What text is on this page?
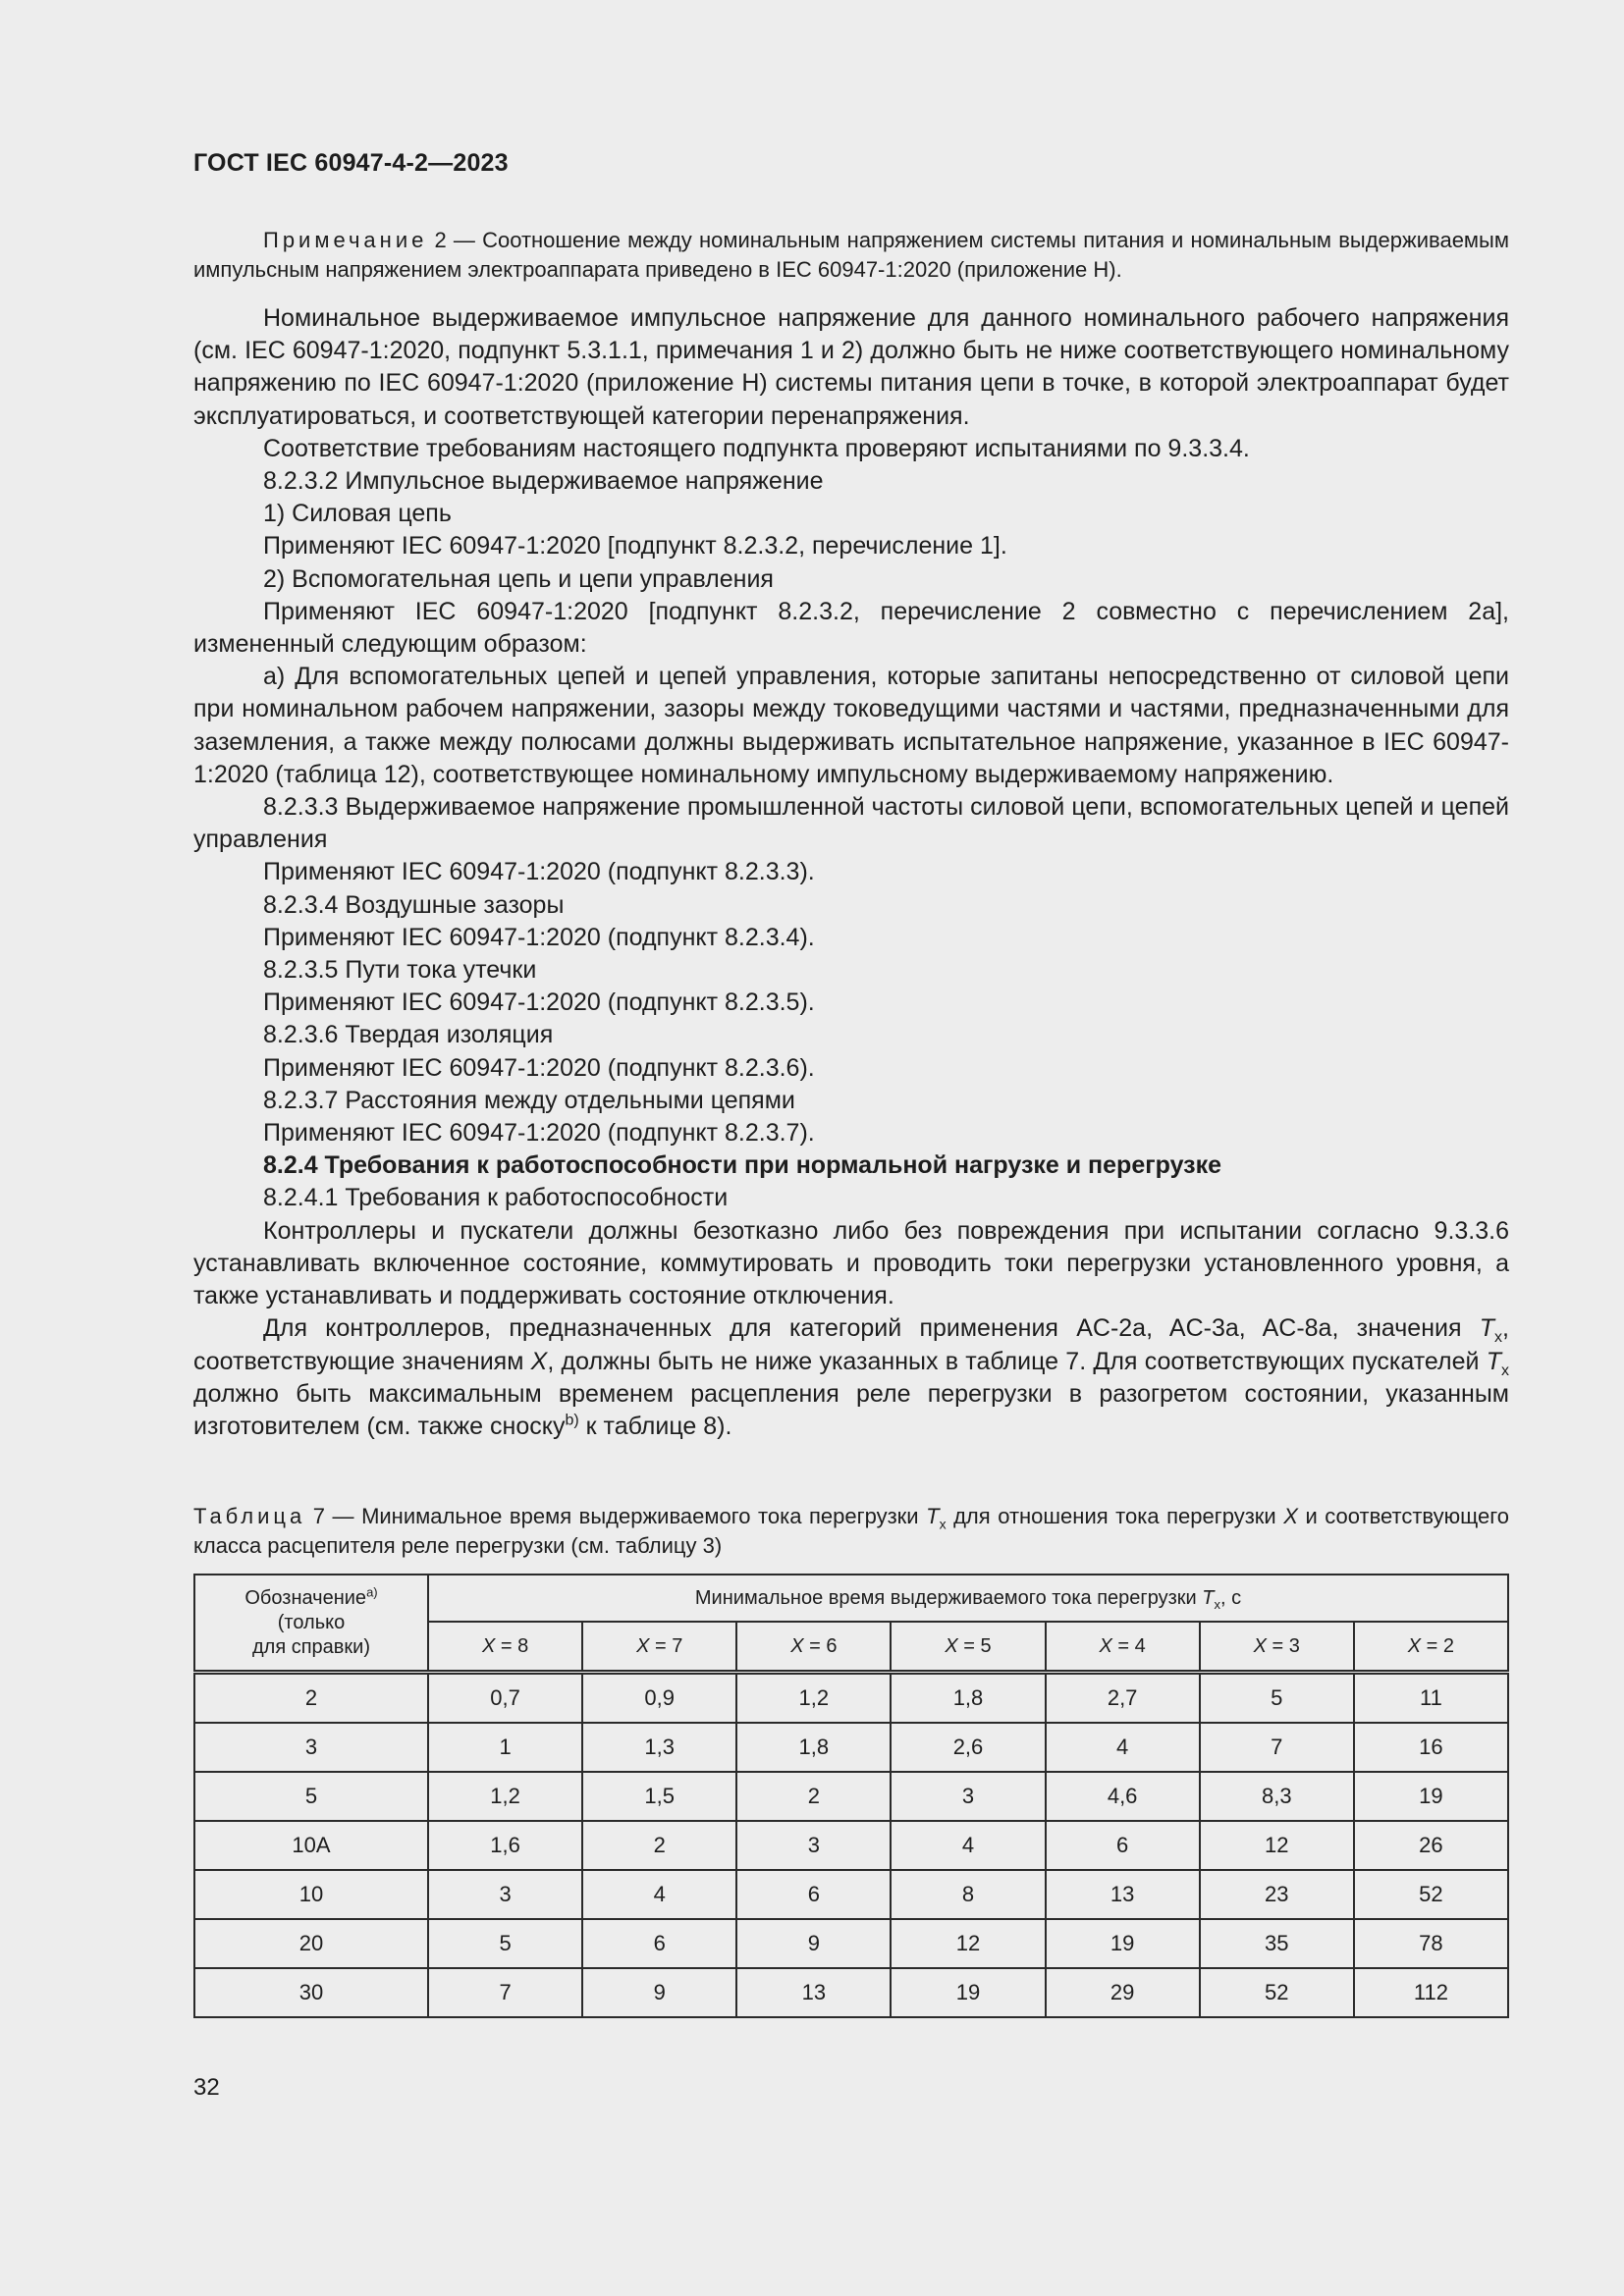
ГОСТ IEC 60947-4-2—2023
Примечание 2 — Соотношение между номинальным напряжением системы питания и номинальным выдерживаемым импульсным напряжением электроаппарата приведено в IEC 60947-1:2020 (приложение H).

Номинальное выдерживаемое импульсное напряжение для данного номинального рабочего напряжения (см. IEC 60947-1:2020, подпункт 5.3.1.1, примечания 1 и 2) должно быть не ниже соответствующего номинальному напряжению по IEC 60947-1:2020 (приложение H) системы питания цепи в точке, в которой электроаппарат будет эксплуатироваться, и соответствующей категории перенапряжения.

Соответствие требованиям настоящего подпункта проверяют испытаниями по 9.3.3.4.

8.2.3.2 Импульсное выдерживаемое напряжение

1) Силовая цепь

Применяют IEC 60947-1:2020 [подпункт 8.2.3.2, перечисление 1].

2) Вспомогательная цепь и цепи управления

Применяют IEC 60947-1:2020 [подпункт 8.2.3.2, перечисление 2 совместно с перечислением 2a], измененный следующим образом:

a) Для вспомогательных цепей и цепей управления, которые запитаны непосредственно от силовой цепи при номинальном рабочем напряжении, зазоры между токоведущими частями и частями, предназначенными для заземления, а также между полюсами должны выдерживать испытательное напряжение, указанное в IEC 60947-1:2020 (таблица 12), соответствующее номинальному импульсному выдерживаемому напряжению.

8.2.3.3 Выдерживаемое напряжение промышленной частоты силовой цепи, вспомогательных цепей и цепей управления

Применяют IEC 60947-1:2020 (подпункт 8.2.3.3).

8.2.3.4 Воздушные зазоры

Применяют IEC 60947-1:2020 (подпункт 8.2.3.4).

8.2.3.5 Пути тока утечки

Применяют IEC 60947-1:2020 (подпункт 8.2.3.5).

8.2.3.6 Твердая изоляция

Применяют IEC 60947-1:2020 (подпункт 8.2.3.6).

8.2.3.7 Расстояния между отдельными цепями

Применяют IEC 60947-1:2020 (подпункт 8.2.3.7).

8.2.4 Требования к работоспособности при нормальной нагрузке и перегрузке

8.2.4.1 Требования к работоспособности

Контроллеры и пускатели должны безотказно либо без повреждения при испытании согласно 9.3.3.6 устанавливать включенное состояние, коммутировать и проводить токи перегрузки установленного уровня, а также устанавливать и поддерживать состояние отключения.

Для контроллеров, предназначенных для категорий применения AC-2a, AC-3a, AC-8a, значения $T_x$, соответствующие значениям X, должны быть не ниже указанных в таблице 7. Для соответствующих пускателей $T_x$ должно быть максимальным временем расцепления реле перегрузки в разогретом состоянии, указанным изготовителем (см. также сноску$^{b)}$ к таблице 8).

Таблица 7 — Минимальное время выдерживаемого тока перегрузки $T_x$ для отношения тока перегрузки X и соответствующего класса расцепителя реле перегрузки (см. таблицу 3)
Обозначение$^{a)}$
(только
для справки)	Минимальное время выдерживаемого тока перегрузки $T_x$, с						
	X = 8	X = 7	X = 6	X = 5	X = 4	X = 3	X = 2
2	0,7	0,9	1,2	1,8	2,7	5	11
3	1	1,3	1,8	2,6	4	7	16
5	1,2	1,5	2	3	4,6	8,3	19
10A	1,6	2	3	4	6	12	26
10	3	4	6	8	13	23	52
20	5	6	9	12	19	35	78
30	7	9	13	19	29	52	112
32
